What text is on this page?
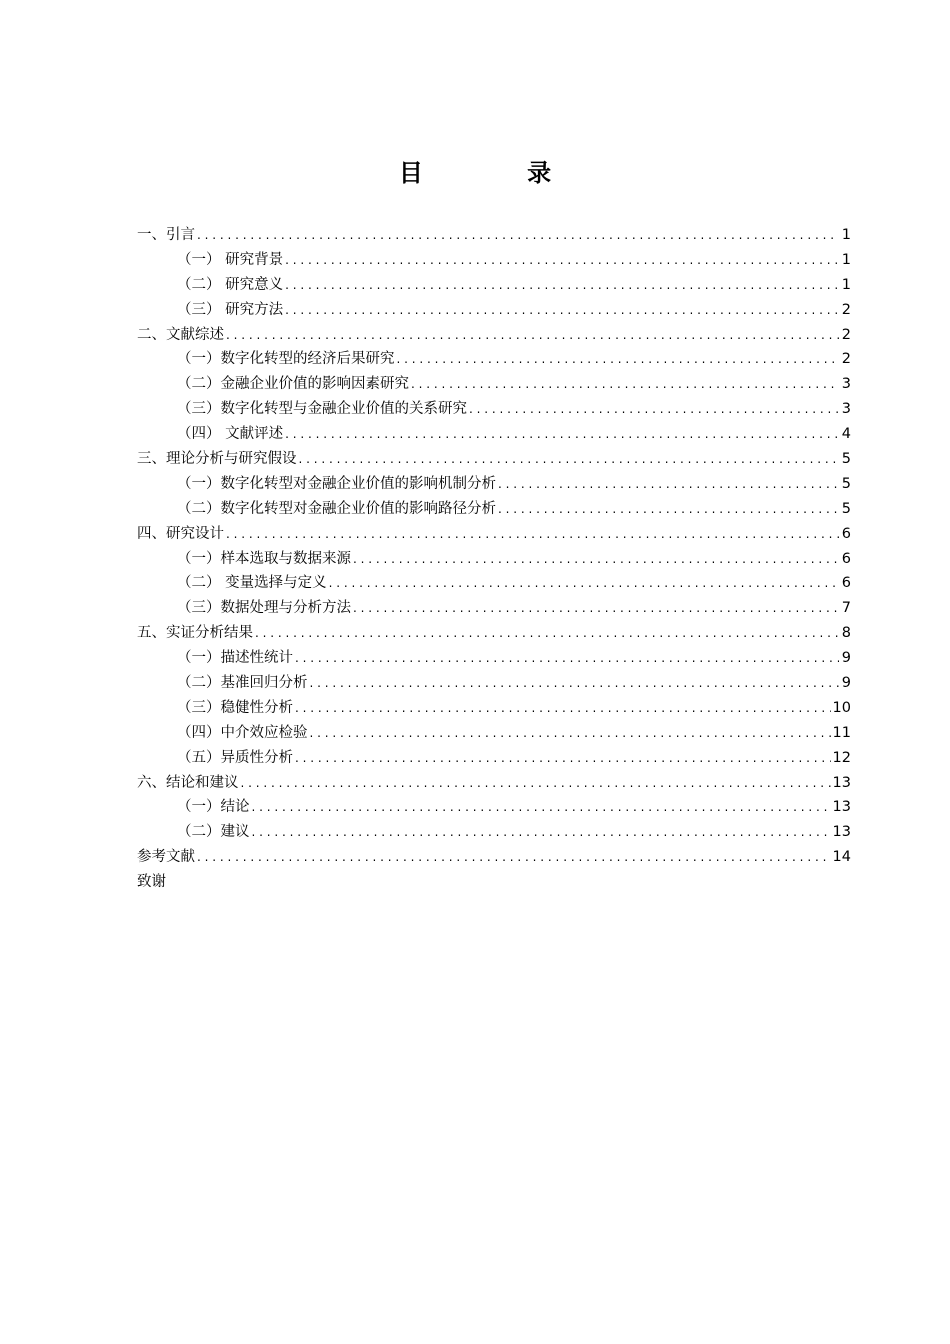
目 录
一、引言 . . .	1
（一） 研究背景 . . .	1
（二） 研究意义 . . .	1
（三） 研究方法 . . .	2
二、文献综述 . . .	2
（一）数字化转型的经济后果研究 . . .	2
（二）金融企业价值的影响因素研究 . . .	3
（三）数字化转型与金融企业价值的关系研究 . . .	3
（四） 文献评述 . . .	4
三、理论分析与研究假设 . . .	5
（一）数字化转型对金融企业价值的影响机制分析 . . .	5
（二）数字化转型对金融企业价值的影响路径分析 . . .	5
四、研究设计 . . .	6
（一）样本选取与数据来源 . . .	6
（二） 变量选择与定义 . . .	6
（三）数据处理与分析方法 . . .	7
五、实证分析结果 . . .	8
（一）描述性统计 . . .	9
（二）基准回归分析 . . .	9
（三）稳健性分析 . . .	10
（四）中介效应检验 . . .	11
（五）异质性分析 . . .	12
六、结论和建议 . . .	13
（一）结论 . . .	13
（二）建议 . . .	13
参考文献 . . .	14
致谢
